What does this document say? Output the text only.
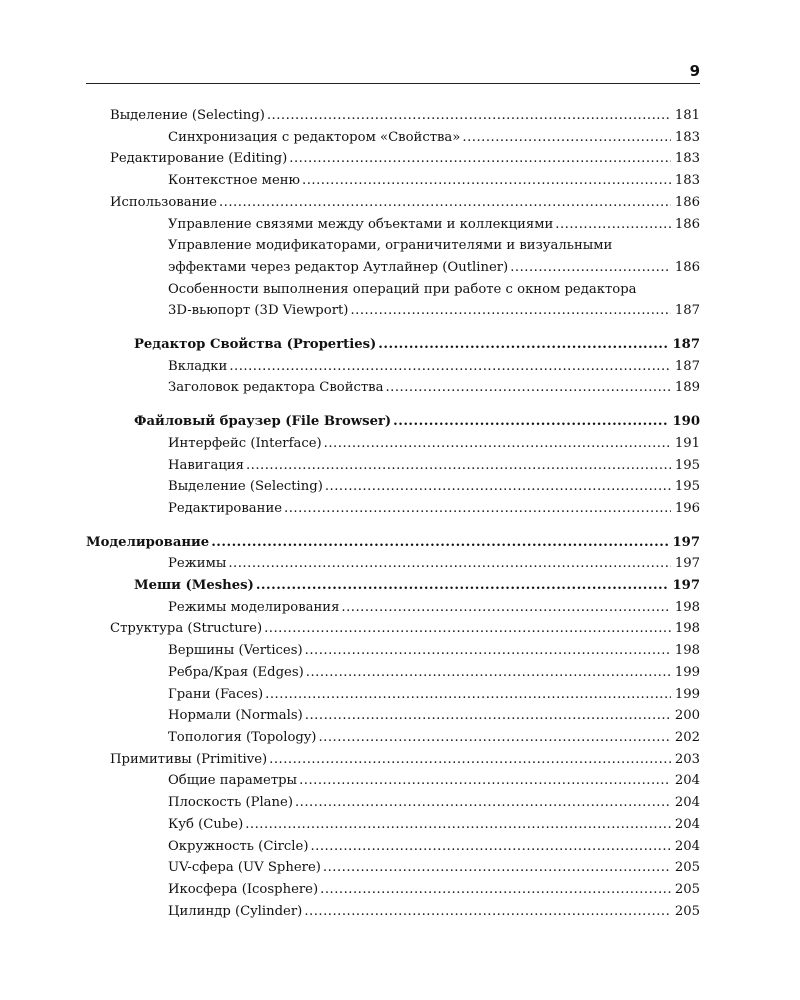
9
Выделение (Selecting) .....	181
Синхронизация с редактором «Свойства» .....	183
Редактирование (Editing) .....	183
Контекстное меню .....	183
Использование .....	186
Управление связями между объектами и коллекциями .....	186
Управление модификаторами, ограничителями и визуальными
эффектами через редактор Аутлайнер (Outliner) .....	186
Особенности выполнения операций при работе с окном редактора
3D-вьюпорт (3D Viewport) .....	187
Редактор Свойства (Properties) .....	187
Вкладки .....	187
Заголовок редактора Свойства .....	189
Файловый браузер (File Browser) .....	190
Интерфейс (Interface) .....	191
Навигация .....	195
Выделение (Selecting) .....	195
Редактирование .....	196
Моделирование .....	197
Режимы .....	197
Меши (Meshes) .....	197
Режимы моделирования .....	198
Структура (Structure) .....	198
Вершины (Vertices) .....	198
Ребра/Края (Edges) .....	199
Грани (Faces) .....	199
Нормали (Normals) .....	200
Топология (Topology) .....	202
Примитивы (Primitive) .....	203
Общие параметры .....	204
Плоскость (Plane) .....	204
Куб (Cube) .....	204
Окружность (Circle) .....	204
UV-сфера (UV Sphere) .....	205
Икосфера (Icosphere) .....	205
Цилиндр (Cylinder) .....	205
